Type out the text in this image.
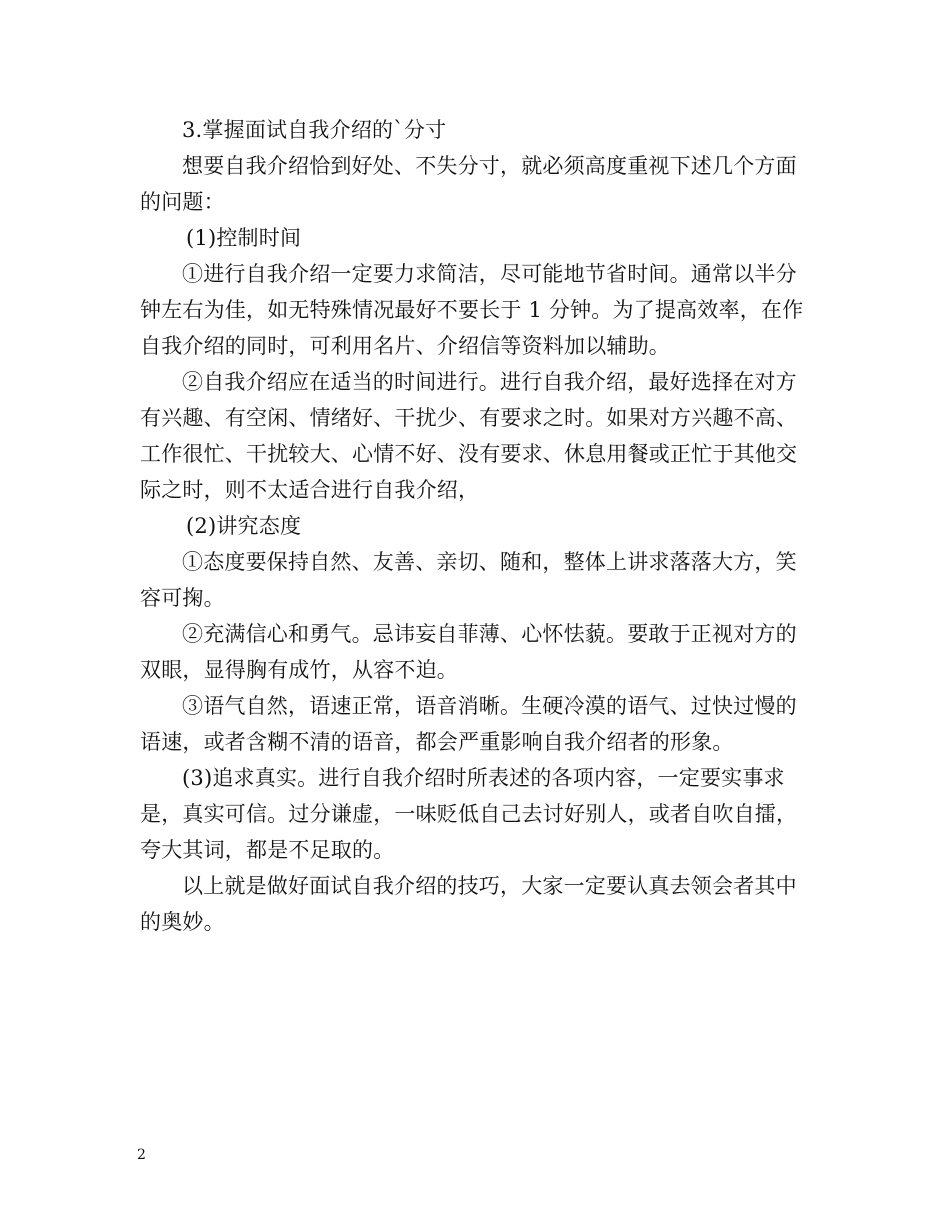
3.掌握面试自我介绍的`分寸
想要自我介绍恰到好处、不失分寸，就必须高度重视下述几个方面
的问题：
(1)控制时间
①进行自我介绍一定要力求简洁，尽可能地节省时间。通常以半分
钟左右为佳，如无特殊情况最好不要长于 1 分钟。为了提高效率，在作
自我介绍的同时，可利用名片、介绍信等资料加以辅助。
②自我介绍应在适当的时间进行。进行自我介绍，最好选择在对方
有兴趣、有空闲、情绪好、干扰少、有要求之时。如果对方兴趣不高、
工作很忙、干扰较大、心情不好、没有要求、休息用餐或正忙于其他交
际之时，则不太适合进行自我介绍，
(2)讲究态度
①态度要保持自然、友善、亲切、随和，整体上讲求落落大方，笑
容可掬。
②充满信心和勇气。忌讳妄自菲薄、心怀怯藐。要敢于正视对方的
双眼，显得胸有成竹，从容不迫。
③语气自然，语速正常，语音消晰。生硬冷漠的语气、过快过慢的
语速，或者含糊不清的语音，都会严重影响自我介绍者的形象。
(3)追求真实。进行自我介绍时所表述的各项内容，一定要实事求
是，真实可信。过分谦虚，一味贬低自己去讨好别人，或者自吹自擂，
夸大其词，都是不足取的。
以上就是做好面试自我介绍的技巧，大家一定要认真去领会者其中
的奥妙。
2
